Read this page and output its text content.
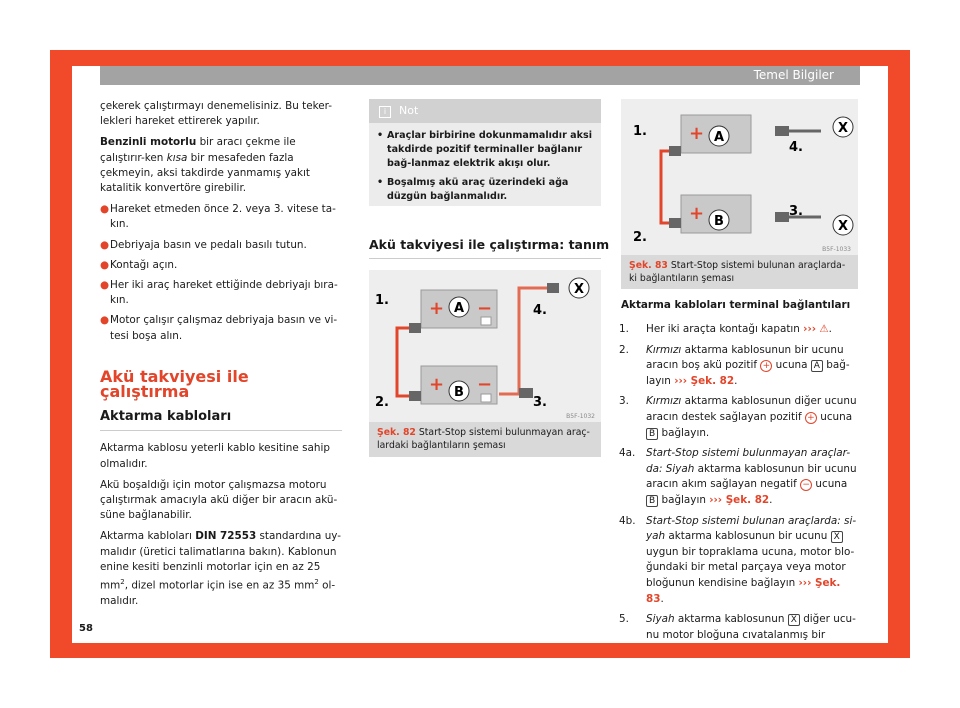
Temel Bilgiler

çekerek çalıştırmayı denemelisiniz. Bu teker-lekleri hareket ettirerek yapılır.

Benzinli motorlu bir aracı çekme ile çalıştırır-ken kısa bir mesafeden fazla çekmeyin, aksi takdirde yanmamış yakıt katalitik konvertöre girebilir.

● Hareket etmeden önce 2. veya 3. vitese ta-kın.
● Debriyaja basın ve pedalı basılı tutun.
● Kontağı açın.
● Her iki araç hareket ettiğinde debriyajı bıra-kın.
● Motor çalışır çalışmaz debriyaja basın ve vi-tesi boşa alın.
Akü takviyesi ile çalıştırma
Aktarma kabloları

Aktarma kablosu yeterli kablo kesitine sahip olmalıdır.

Akü boşaldığı için motor çalışmazsa motoru çalıştırmak amacıyla akü diğer bir aracın akü-süne bağlanabilir.

Aktarma kabloları DIN 72553 standardına uy-malıdır (üretici talimatlarına bakın). Kablonun enine kesiti benzinli motorlar için en az 25 $mm^2$, dizel motorlar için ise en az 35 $mm^2$ ol-malıdır.

i Not
• Araçlar birbirine dokunmamalıdır aksi takdirde pozitif terminaller bağlanır bağ-lanmaz elektrik akışı olur.
• Boşalmış akü araç üzerindeki ağa düzgün bağlanmalıdır.
Akü takviyesi ile çalıştırma: tanım
+
+
−
−
A
B
X
1.
2.	3.
4.
B5F-1032
Şek. 82 Start-Stop sistemi bulunmayan araç-lardaki bağlantıların şeması
+
+
A
B
X
X
1.
2.
3.
4.
B5F-1033
Şek. 83 Start-Stop sistemi bulunan araçlarda-ki bağlantıların şeması
Aktarma kabloları terminal bağlantıları
1. Her iki araçta kontağı kapatın ››› ⚠.
2. Kırmızı aktarma kablosunun bir ucunu aracın boş akü pozitif + ucuna A bağ-layın ››› Şek. 82.
3. Kırmızı aktarma kablosunun diğer ucunu aracın destek sağlayan pozitif + ucuna B bağlayın.
4a. Start-Stop sistemi bulunmayan araçlar-da: Siyah aktarma kablosunun bir ucunu aracın akım sağlayan negatif − ucuna B bağlayın ››› Şek. 82.
4b. Start-Stop sistemi bulunan araçlarda: si-yah aktarma kablosunun bir ucunu X uygun bir topraklama ucuna, motor blo-ğundaki bir metal parçaya veya motor bloğunun kendisine bağlayın ››› Şek. 83.
5. Siyah aktarma kablosunun X diğer ucu-nu motor bloğuna cıvatalanmış bir
58
